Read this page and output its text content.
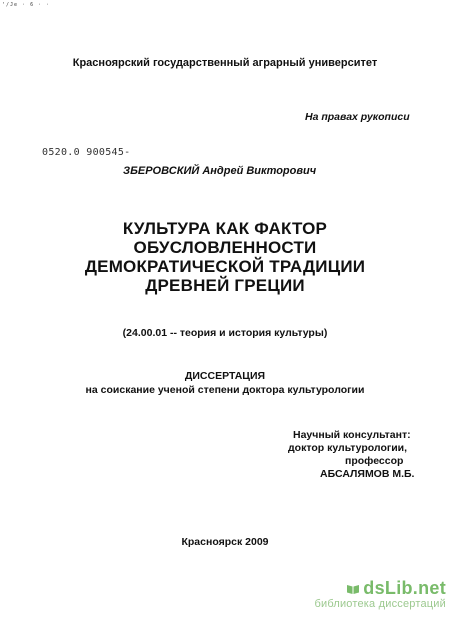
‘/Je · 6 · ·
Красноярский государственный аграрный университет
На правах рукописи
0520.0 900545-
ЗБЕРОВСКИЙ Андрей Викторович
КУЛЬТУРА КАК ФАКТОР
ОБУСЛОВЛЕННОСТИ
ДЕМОКРАТИЧЕСКОЙ ТРАДИЦИИ
ДРЕВНЕЙ ГРЕЦИИ
(24.00.01 -- теория и история культуры)
ДИССЕРТАЦИЯ
на соискание ученой степени доктора культурологии
Научный консультант:
доктор культурологии,
профессор
АБСАЛЯМОВ М.Б.
Красноярск 2009
dsLib.net
библиотека диссертаций
